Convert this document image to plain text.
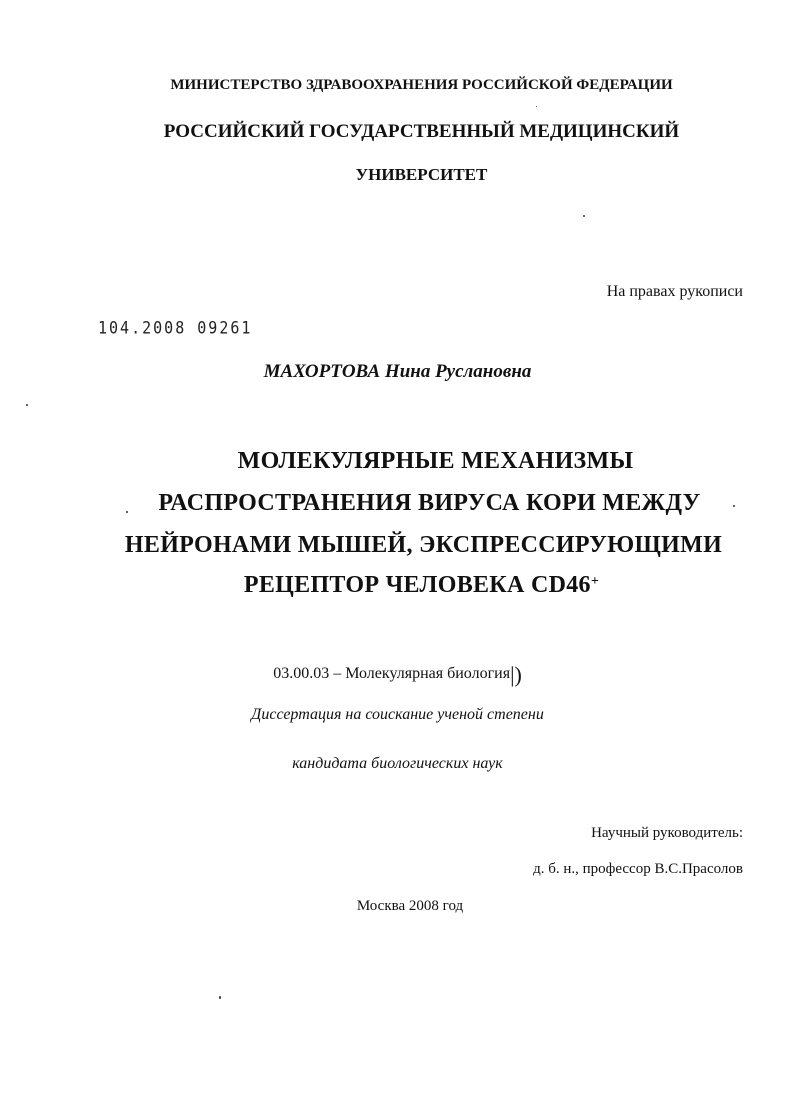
МИНИСТЕРСТВО ЗДРАВООХРАНЕНИЯ РОССИЙСКОЙ ФЕДЕРАЦИИ
РОССИЙСКИЙ ГОСУДАРСТВЕННЫЙ МЕДИЦИНСКИЙ
УНИВЕРСИТЕТ
На правах рукописи
104.2008 09261
МАХОРТОВА Нина Руслановна
МОЛЕКУЛЯРНЫЕ МЕХАНИЗМЫ
РАСПРОСТРАНЕНИЯ ВИРУСА КОРИ МЕЖДУ
НЕЙРОНАМИ МЫШЕЙ, ЭКСПРЕССИРУЮЩИМИ
РЕЦЕПТОР ЧЕЛОВЕКА CD46+
03.00.03 – Молекулярная биология|)
Диссертация на соискание ученой степени
кандидата биологических наук
Научный руководитель:
д. б. н., профессор В.С.Прасолов
Москва 2008 год
